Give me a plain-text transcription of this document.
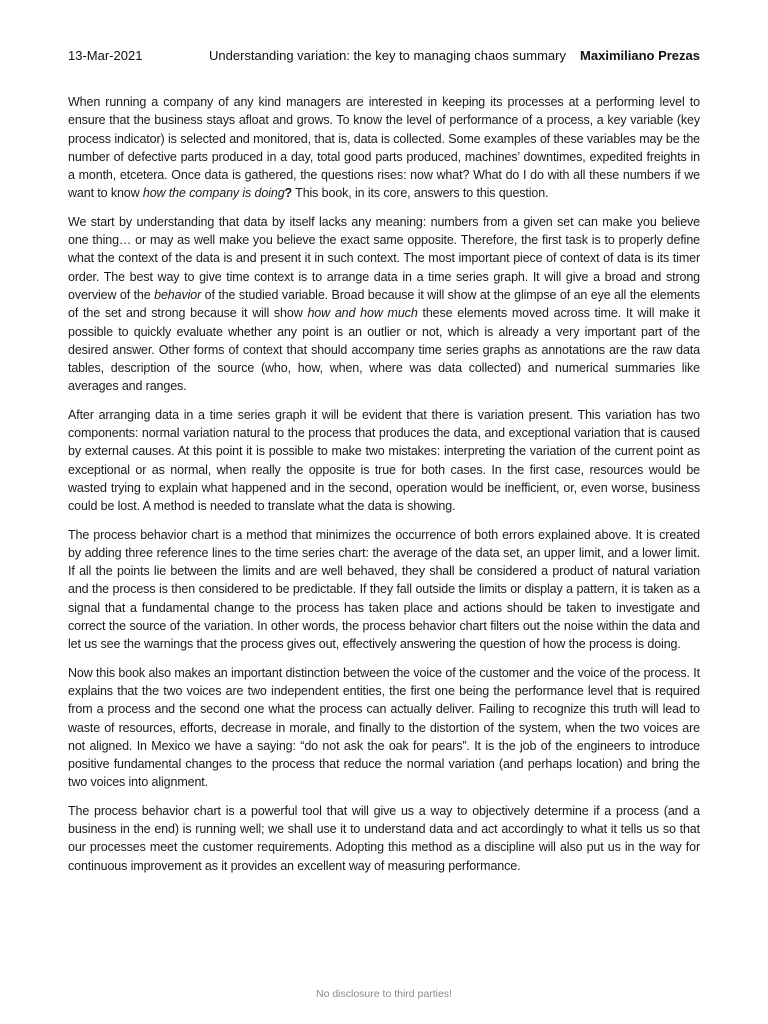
13-Mar-2021	Understanding variation: the key to managing chaos summary Maximiliano Prezas

When running a company of any kind managers are interested in keeping its processes at a performing level to ensure that the business stays afloat and grows. To know the level of performance of a process, a key variable (key process indicator) is selected and monitored, that is, data is collected. Some examples of these variables may be the number of defective parts produced in a day, total good parts produced, machines’ downtimes, expedited freights in a month, etcetera. Once data is gathered, the questions rises: now what? What do I do with all these numbers if we want to know how the company is doing? This book, in its core, answers to this question.

We start by understanding that data by itself lacks any meaning: numbers from a given set can make you believe one thing… or may as well make you believe the exact same opposite. Therefore, the first task is to properly define what the context of the data is and present it in such context. The most important piece of context of data is its timer order. The best way to give time context is to arrange data in a time series graph. It will give a broad and strong overview of the behavior of the studied variable. Broad because it will show at the glimpse of an eye all the elements of the set and strong because it will show how and how much these elements moved across time. It will make it possible to quickly evaluate whether any point is an outlier or not, which is already a very important part of the desired answer. Other forms of context that should accompany time series graphs as annotations are the raw data tables, description of the source (who, how, when, where was data collected) and numerical summaries like averages and ranges.

After arranging data in a time series graph it will be evident that there is variation present. This variation has two components: normal variation natural to the process that produces the data, and exceptional variation that is caused by external causes. At this point it is possible to make two mistakes: interpreting the variation of the current point as exceptional or as normal, when really the opposite is true for both cases. In the first case, resources would be wasted trying to explain what happened and in the second, operation would be inefficient, or, even worse, business could be lost. A method is needed to translate what the data is showing.

The process behavior chart is a method that minimizes the occurrence of both errors explained above. It is created by adding three reference lines to the time series chart: the average of the data set, an upper limit, and a lower limit. If all the points lie between the limits and are well behaved, they shall be considered a product of natural variation and the process is then considered to be predictable. If they fall outside the limits or display a pattern, it is taken as a signal that a fundamental change to the process has taken place and actions should be taken to investigate and correct the source of the variation. In other words, the process behavior chart filters out the noise within the data and let us see the warnings that the process gives out, effectively answering the question of how the process is doing.

Now this book also makes an important distinction between the voice of the customer and the voice of the process. It explains that the two voices are two independent entities, the first one being the performance level that is required from a process and the second one what the process can actually deliver. Failing to recognize this truth will lead to waste of resources, efforts, decrease in morale, and finally to the distortion of the system, when the two voices are not aligned. In Mexico we have a saying: “do not ask the oak for pears”. It is the job of the engineers to introduce positive fundamental changes to the process that reduce the normal variation (and perhaps location) and bring the two voices into alignment.

The process behavior chart is a powerful tool that will give us a way to objectively determine if a process (and a business in the end) is running well; we shall use it to understand data and act accordingly to what it tells us so that our processes meet the customer requirements. Adopting this method as a discipline will also put us in the way for continuous improvement as it provides an excellent way of measuring performance.

No disclosure to third parties!
